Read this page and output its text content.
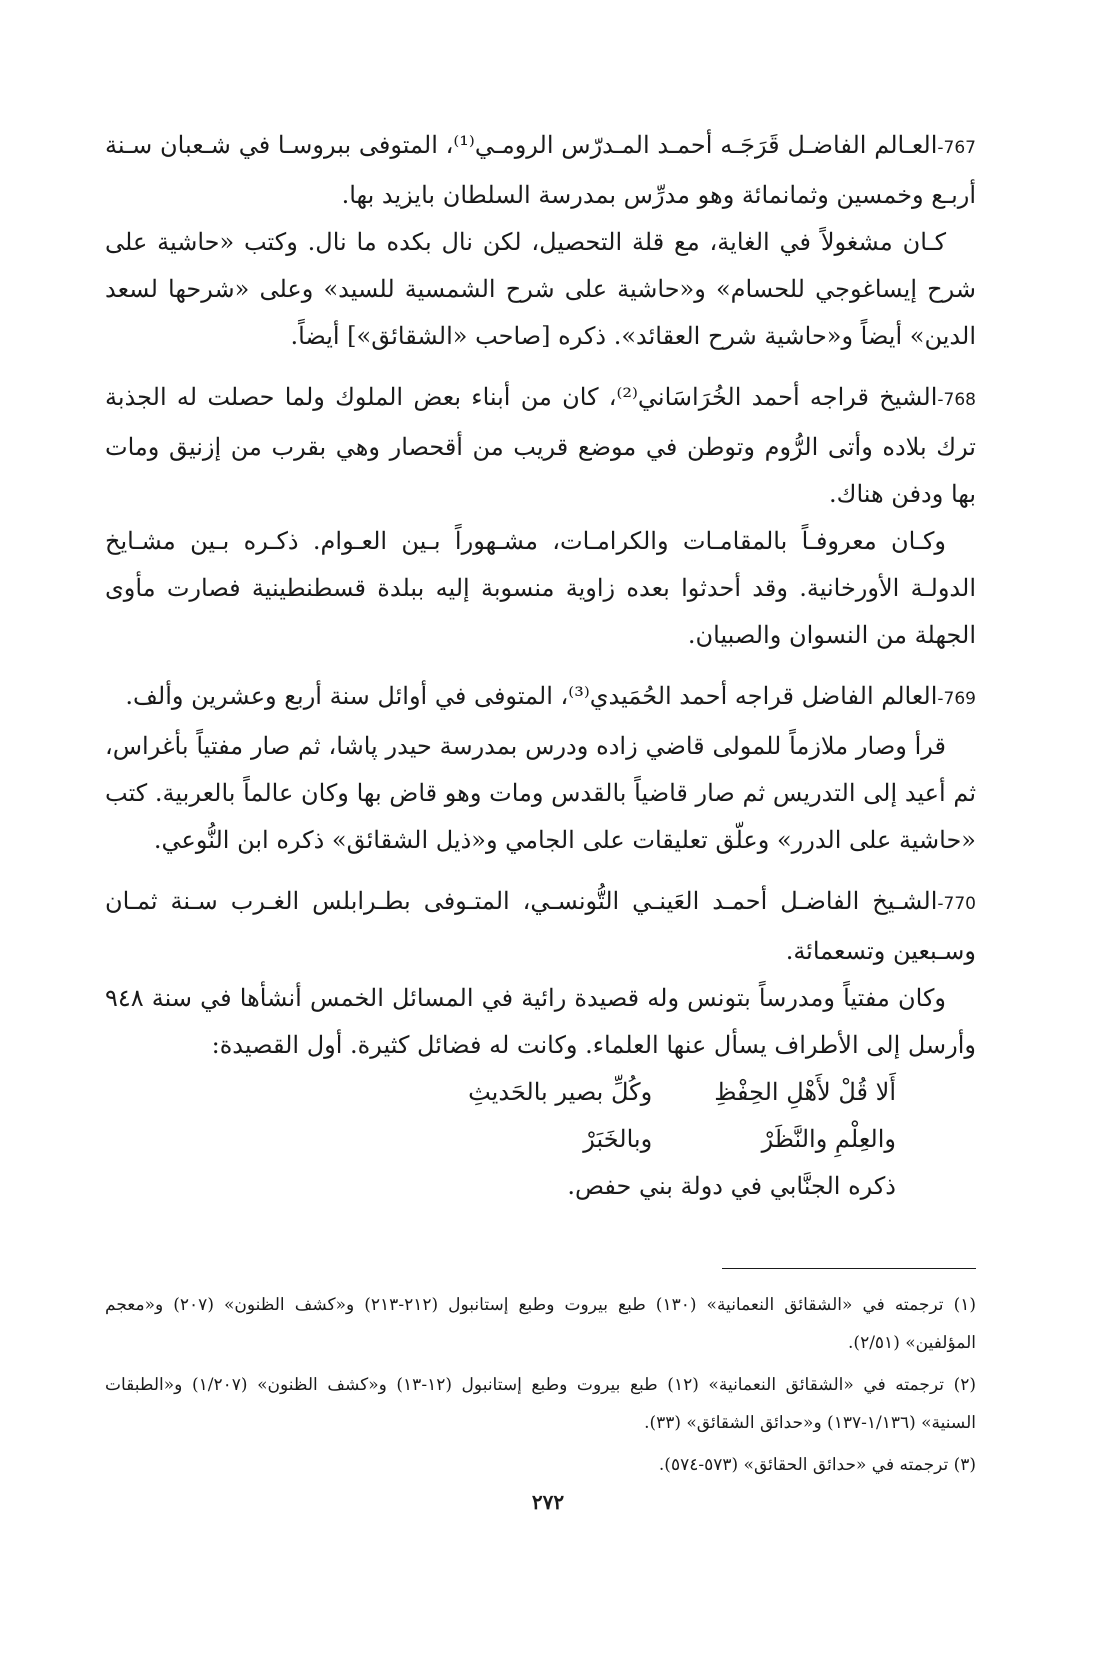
767-العـالم الفاضـل قَرَجَـه أحمـد المـدرّس الرومـي⁽¹⁾، المتوفى ببروسـا في شـعبان سـنة أربـع وخمسين وثمانمائة وهو مدرِّس بمدرسة السلطان بايزيد بها.

كـان مشغولاً في الغاية، مع قلة التحصيل، لكن نال بكده ما نال. وكتب «حاشية على شرح إيساغوجي للحسام» و«حاشية على شرح الشمسية للسيد» وعلى «شرحها لسعد الدين» أيضاً و«حاشية شرح العقائد». ذكره [صاحب «الشقائق»] أيضاً.

768-الشيخ قراجه أحمد الخُرَاسَاني⁽²⁾، كان من أبناء بعض الملوك ولما حصلت له الجذبة ترك بلاده وأتى الرُّوم وتوطن في موضع قريب من أقحصار وهي بقرب من إزنيق ومات بها ودفن هناك.

وكـان معروفـاً بالمقامـات والكرامـات، مشـهوراً بـين العـوام. ذكـره بـين مشـايخ الدولـة الأورخانية. وقد أحدثوا بعده زاوية منسوبة إليه ببلدة قسطنطينية فصارت مأوى الجهلة من النسوان والصبيان.

769-العالم الفاضل قراجه أحمد الحُمَيدي⁽³⁾، المتوفى في أوائل سنة أربع وعشرين وألف.

قرأ وصار ملازماً للمولى قاضي زاده ودرس بمدرسة حيدر پاشا، ثم صار مفتياً بأغراس، ثم أعيد إلى التدريس ثم صار قاضياً بالقدس ومات وهو قاض بها وكان عالماً بالعربية. كتب «حاشية على الدرر» وعلّق تعليقات على الجامي و«ذيل الشقائق» ذكره ابن النُّوعي.

770-الشـيخ الفاضـل أحمـد العَينـي التُّونسـي، المتـوفى بطـرابلس الغـرب سـنة ثمـان وسـبعين وتسعمائة.

وكان مفتياً ومدرساً بتونس وله قصيدة رائية في المسائل الخمس أنشأها في سنة ٩٤٨ وأرسل إلى الأطراف يسأل عنها العلماء. وكانت له فضائل كثيرة. أول القصيدة:

أَلا قُلْ لأَهْلِ الحِفْظِ والعِلْمِ والنَّظَرْ
وكُلِّ بصير بالحَديثِ وبالخَبَرْ
ذكره الجنَّابي في دولة بني حفص.

(١) ترجمته في «الشقائق النعمانية» (١٣٠) طبع بيروت وطبع إستانبول (٢١٢-٢١٣) و«كشف الظنون» (٢٠٧) و«معجم المؤلفين» (٢/٥١).

(٢) ترجمته في «الشقائق النعمانية» (١٢) طبع بيروت وطبع إستانبول (١٢-١٣) و«كشف الظنون» (١/٢٠٧) و«الطبقات السنية» (١/١٣٦-١٣٧) و«حدائق الشقائق» (٣٣).

(٣) ترجمته في «حدائق الحقائق» (٥٧٣-٥٧٤).

٢٧٢
